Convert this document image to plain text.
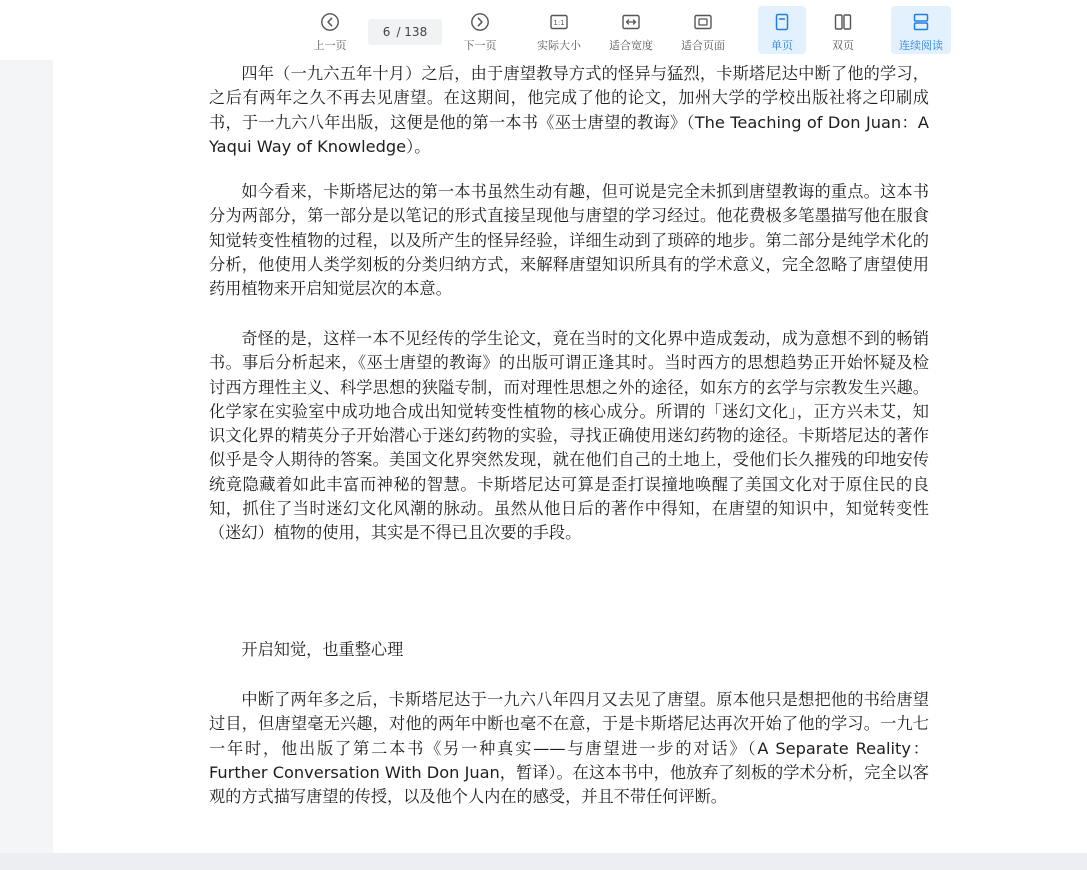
上一页
6 / 138
下一页
1:1
实际大小	适合宽度	适合页面	单页	双页	连续阅读

四年（一九六五年十月）之后，由于唐望教导方式的怪异与猛烈，卡斯塔尼达中断了他的学习，之后有两年之久不再去见唐望。在这期间，他完成了他的论文，加州大学的学校出版社将之印刷成书，于一九六八年出版，这便是他的第一本书《巫士唐望的教诲》（The Teaching of Don Juan：A Yaqui Way of Knowledge）。

如今看来，卡斯塔尼达的第一本书虽然生动有趣，但可说是完全未抓到唐望教诲的重点。这本书分为两部分，第一部分是以笔记的形式直接呈现他与唐望的学习经过。他花费极多笔墨描写他在服食知觉转变性植物的过程，以及所产生的怪异经验，详细生动到了琐碎的地步。第二部分是纯学术化的分析，他使用人类学刻板的分类归纳方式，来解释唐望知识所具有的学术意义，完全忽略了唐望使用药用植物来开启知觉层次的本意。

奇怪的是，这样一本不见经传的学生论文，竟在当时的文化界中造成轰动，成为意想不到的畅销书。事后分析起来，《巫士唐望的教诲》的出版可谓正逢其时。当时西方的思想趋势正开始怀疑及检讨西方理性主义、科学思想的狭隘专制，而对理性思想之外的途径，如东方的玄学与宗教发生兴趣。化学家在实验室中成功地合成出知觉转变性植物的核心成分。所谓的「迷幻文化」，正方兴未艾，知识文化界的精英分子开始潜心于迷幻药物的实验，寻找正确使用迷幻药物的途径。卡斯塔尼达的著作似乎是令人期待的答案。美国文化界突然发现，就在他们自己的土地上，受他们长久摧残的印地安传统竟隐藏着如此丰富而神秘的智慧。卡斯塔尼达可算是歪打误撞地唤醒了美国文化对于原住民的良知，抓住了当时迷幻文化风潮的脉动。虽然从他日后的著作中得知，在唐望的知识中，知觉转变性（迷幻）植物的使用，其实是不得已且次要的手段。

开启知觉，也重整心理

中断了两年多之后，卡斯塔尼达于一九六八年四月又去见了唐望。原本他只是想把他的书给唐望过目，但唐望毫无兴趣，对他的两年中断也毫不在意，于是卡斯塔尼达再次开始了他的学习。一九七一年时，他出版了第二本书《另一种真实——与唐望进一步的对话》（A Separate Reality： Further Conversation With Don Juan，暂译）。在这本书中，他放弃了刻板的学术分析，完全以客观的方式描写唐望的传授，以及他个人内在的感受，并且不带任何评断。
